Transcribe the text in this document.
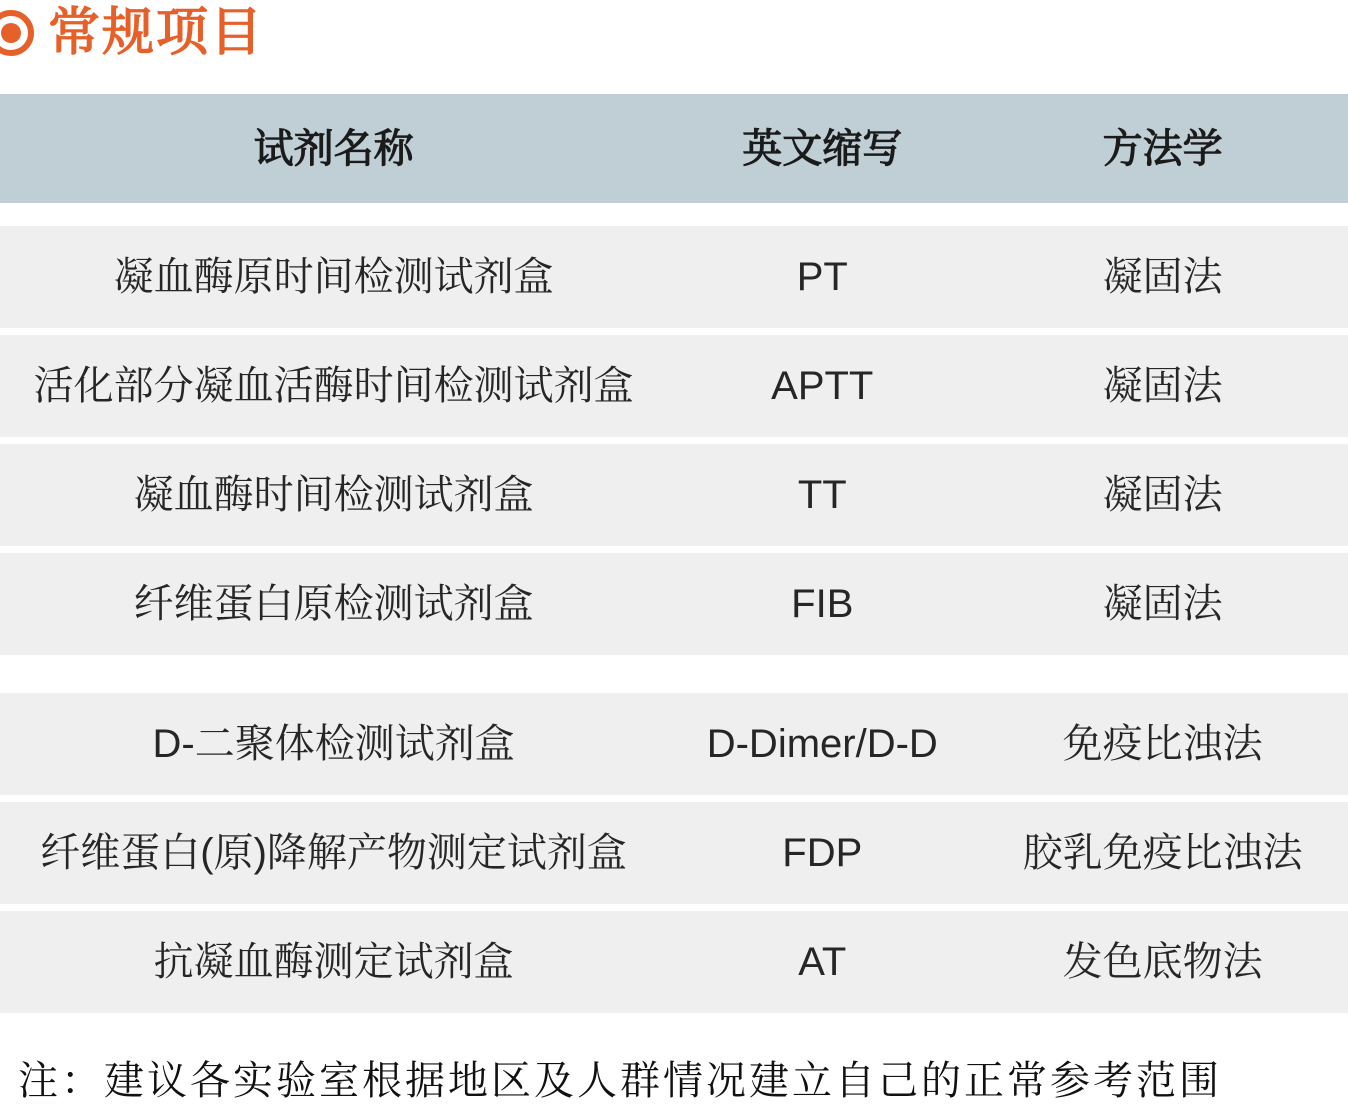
常规项目
试剂名称	英文缩写	方法学
凝血酶原时间检测试剂盒	PT	凝固法
活化部分凝血活酶时间检测试剂盒	APTT	凝固法
凝血酶时间检测试剂盒	TT	凝固法
纤维蛋白原检测试剂盒	FIB	凝固法
D-二聚体检测试剂盒	D-Dimer/D-D	免疫比浊法
纤维蛋白(原)降解产物测定试剂盒	FDP	胶乳免疫比浊法
抗凝血酶测定试剂盒	AT	发色底物法
注：建议各实验室根据地区及人群情况建立自己的正常参考范围
